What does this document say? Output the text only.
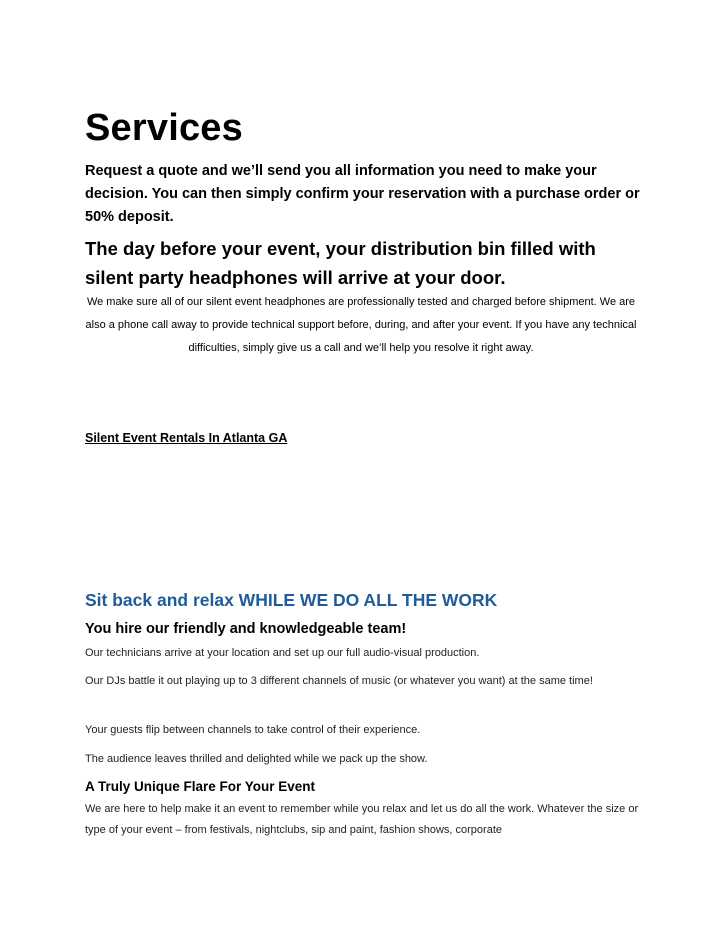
Services

Request a quote and we’ll send you all information you need to make your decision. You can then simply confirm your reservation with a purchase order or 50% deposit.

The day before your event, your distribution bin filled with silent party headphones will arrive at your door.

We make sure all of our silent event headphones are professionally tested and charged before shipment. We are also a phone call away to provide technical support before, during, and after your event. If you have any technical difficulties, simply give us a call and we’ll help you resolve it right away.

Silent Event Rentals In Atlanta GA
Sit back and relax WHILE WE DO ALL THE WORK
You hire our friendly and knowledgeable team!

Our technicians arrive at your location and set up our full audio-visual production.

Our DJs battle it out playing up to 3 different channels of music (or whatever you want) at the same time!

Your guests flip between channels to take control of their experience.

The audience leaves thrilled and delighted while we pack up the show.

A Truly Unique Flare For Your Event

We are here to help make it an event to remember while you relax and let us do all the work. Whatever the size or type of your event – from festivals, nightclubs, sip and paint, fashion shows, corporate
